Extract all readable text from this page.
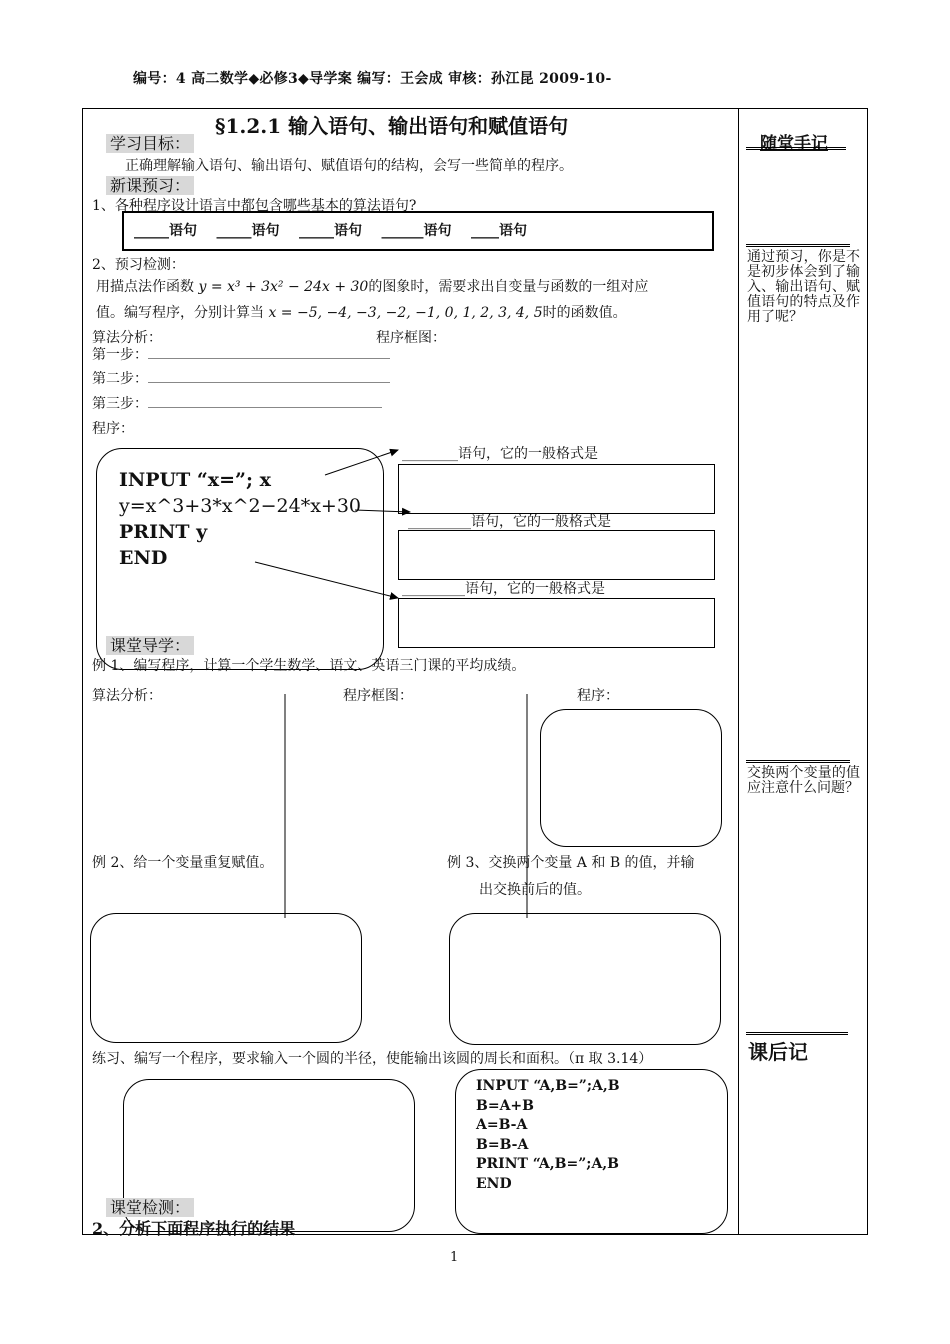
编号：4 高二数学◆必修3◆导学案 编写：王会成 审核：孙江昆 2009-10-
§1.2.1 输入语句、输出语句和赋值语句
学习目标：
正确理解输入语句、输出语句、赋值语句的结构，会写一些简单的程序。
新课预习：
1、各种程序设计语言中都包含哪些基本的算法语句?
_____语句 _____语句 _____语句 ______语句 ____语句
2、预习检测：
用描点法作函数 y = x³ + 3x² − 24x + 30的图象时，需要求出自变量与函数的一组对应
值。编写程序，分别计算当 x = −5, −4, −3, −2, −1, 0, 1, 2, 3, 4, 5时的函数值。
算法分析：	程序框图：
第一步：
第二步：
第三步：
程序：
INPUT “x=”; x
y=x^3+3*x^2−24*x+30
PRINT y
END
________语句，它的一般格式是
_________语句，它的一般格式是
_________语句，它的一般格式是
课堂导学：
例 1、编写程序，计算一个学生数学、语文、英语三门课的平均成绩。
算法分析：	程序框图：	程序：
例 2、给一个变量重复赋值。	例 3、交换两个变量 A 和 B 的值，并输
出交换前后的值。
练习、编写一个程序，要求输入一个圆的半径，使能输出该圆的周长和面积。（π 取 3.14）
INPUT “A,B=”;A,B
B=A+B
A=B-A
B=B-A
PRINT “A,B=”;A,B
END
课堂检测：
2、分析下面程序执行的结果
随堂手记
通过预习，你是不是初步体会到了输入、输出语句、赋值语句的特点及作用了呢？
交换两个变量的值应注意什么问题？
课后记
1
